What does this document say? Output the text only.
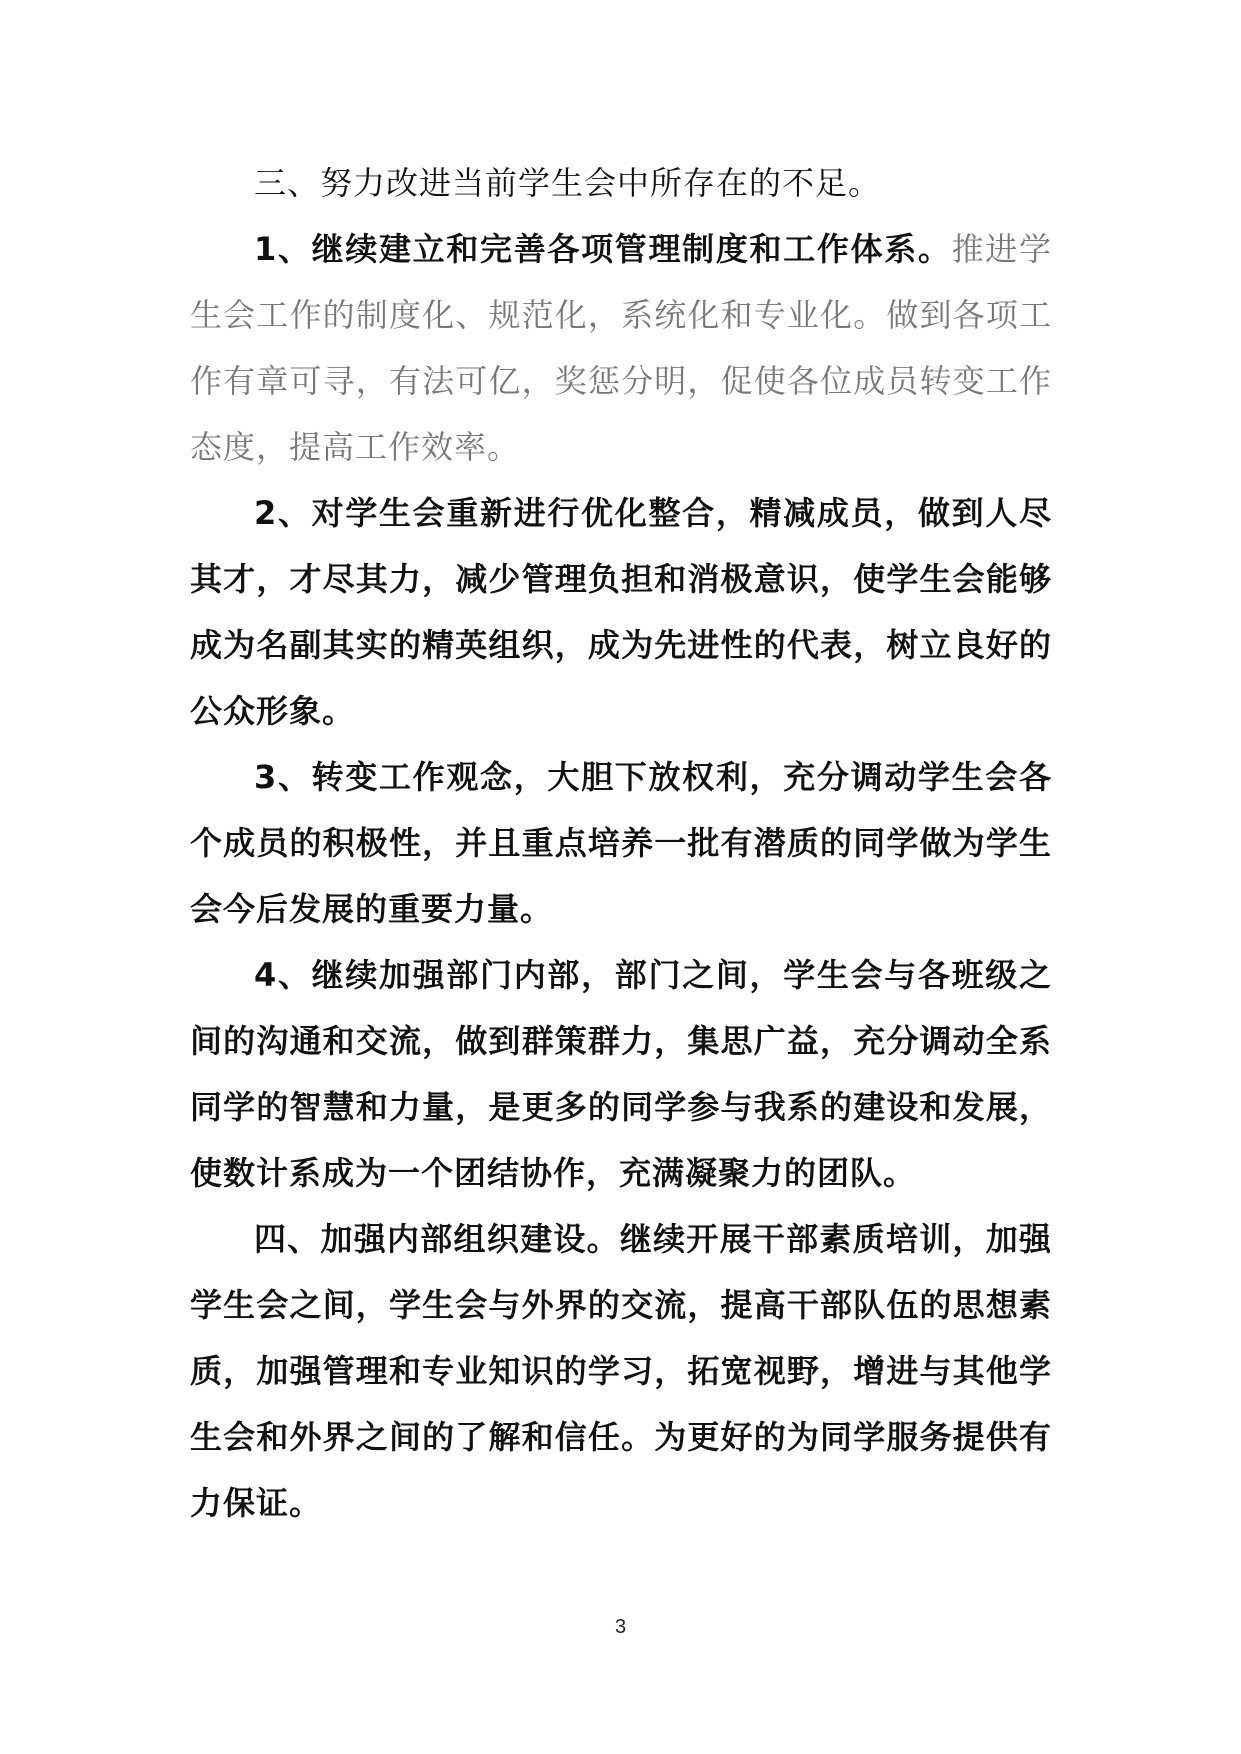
三、努力改进当前学生会中所存在的不足。

1、继续建立和完善各项管理制度和工作体系。推进学生会工作的制度化、规范化，系统化和专业化。做到各项工作有章可寻，有法可亿，奖惩分明，促使各位成员转变工作态度，提高工作效率。

2、对学生会重新进行优化整合，精减成员，做到人尽其才，才尽其力，减少管理负担和消极意识，使学生会能够成为名副其实的精英组织，成为先进性的代表，树立良好的公众形象。

3、转变工作观念，大胆下放权利，充分调动学生会各个成员的积极性，并且重点培养一批有潜质的同学做为学生会今后发展的重要力量。

4、继续加强部门内部，部门之间，学生会与各班级之间的沟通和交流，做到群策群力，集思广益，充分调动全系同学的智慧和力量，是更多的同学参与我系的建设和发展，使数计系成为一个团结协作，充满凝聚力的团队。

四、加强内部组织建设。继续开展干部素质培训，加强学生会之间，学生会与外界的交流，提高干部队伍的思想素质，加强管理和专业知识的学习，拓宽视野，增进与其他学生会和外界之间的了解和信任。为更好的为同学服务提供有力保证。

3
